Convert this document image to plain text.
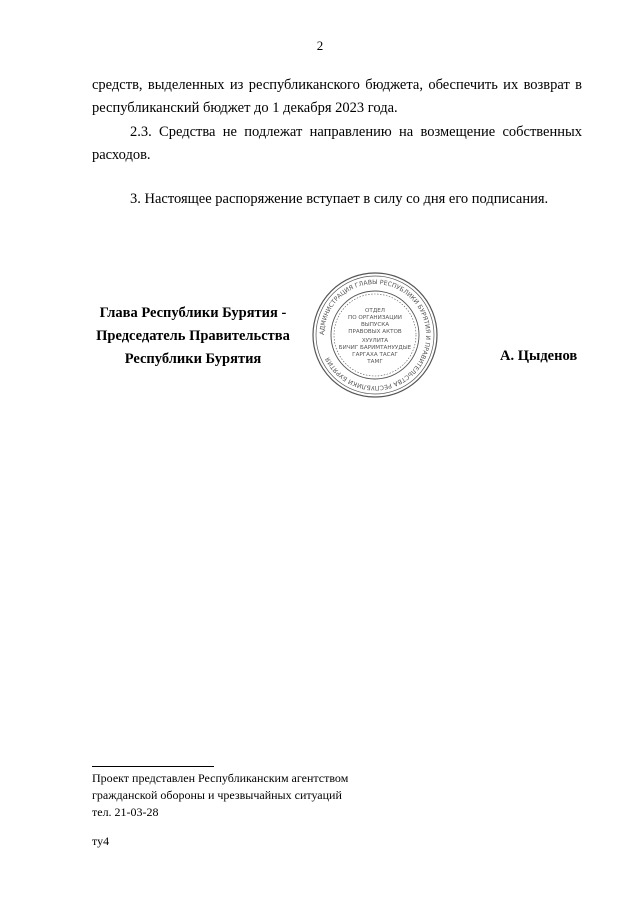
2

средств, выделенных из республиканского бюджета, обеспечить их возврат в республиканский бюджет до 1 декабря 2023 года.

2.3. Средства не подлежат направлению на возмещение собственных расходов.

3. Настоящее распоряжение вступает в силу со дня его подписания.

Глава Республики Бурятия -
Председатель Правительства
Республики Бурятия
АДМИНИСТРАЦИЯ ГЛАВЫ РЕСПУБЛИКИ БУРЯТИЯ И ПРАВИТЕЛЬСТВА РЕСПУБЛИКИ БУРЯТИЯ
ОТДЕЛ
ПО ОРГАНИЗАЦИИ
ВЫПУСКА
ПРАВОВЫХ АКТОВ
ХУУЛИТА
БИЧИГ БАРИМТАНУУДЫЕ
ГАРГАХА ТАСАГ
ТАМГ	А. Цыденов
Проект представлен Республиканским агентством
гражданской обороны и чрезвычайных ситуаций
тел. 21-03-28
ту4
